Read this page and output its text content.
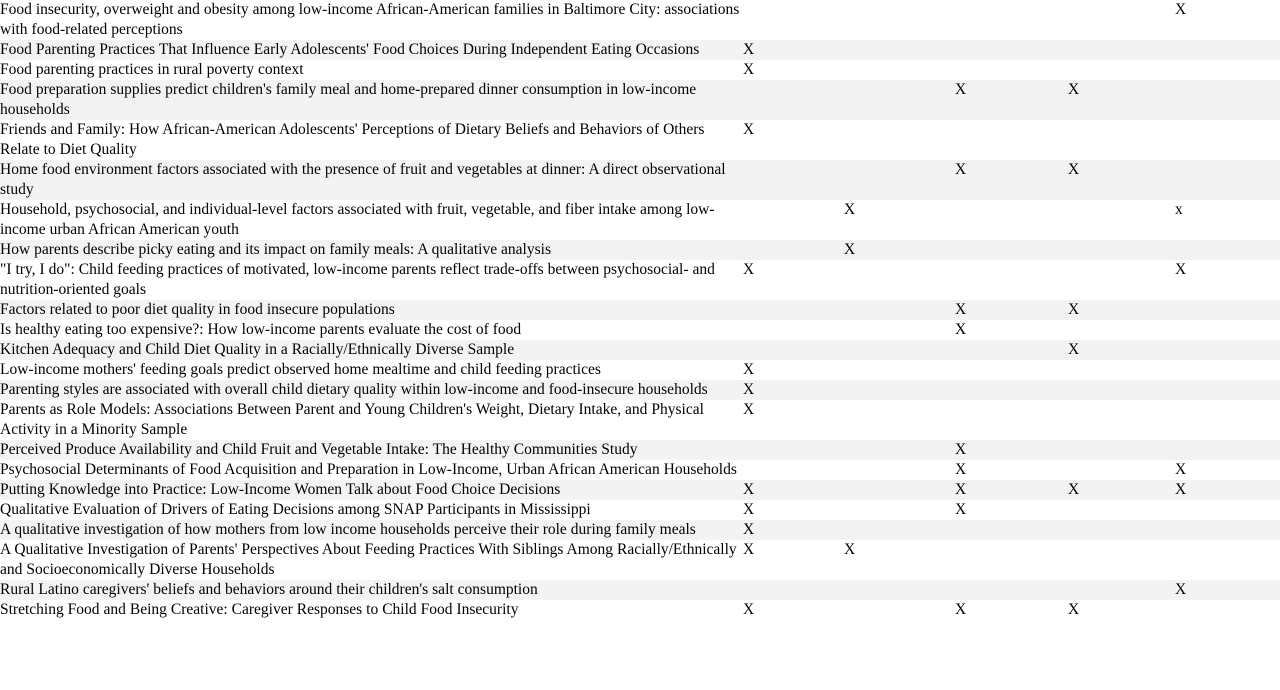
Food insecurity, overweight and obesity among low-income African-American families in Baltimore City: associations with food-related perceptions					X
Food Parenting Practices That Influence Early Adolescents' Food Choices During Independent Eating Occasions	X				
Food parenting practices in rural poverty context	X				
Food preparation supplies predict children's family meal and home-prepared dinner consumption in low-income households			X	X	
Friends and Family: How African-American Adolescents' Perceptions of Dietary Beliefs and Behaviors of Others Relate to Diet Quality	X				
Home food environment factors associated with the presence of fruit and vegetables at dinner: A direct observational study			X	X	
Household, psychosocial, and individual-level factors associated with fruit, vegetable, and fiber intake among low-income urban African American youth		X			x
How parents describe picky eating and its impact on family meals: A qualitative analysis		X			
"I try, I do": Child feeding practices of motivated, low-income parents reflect trade-offs between psychosocial- and nutrition-oriented goals	X				X
Factors related to poor diet quality in food insecure populations			X	X	
Is healthy eating too expensive?: How low-income parents evaluate the cost of food			X		
Kitchen Adequacy and Child Diet Quality in a Racially/Ethnically Diverse Sample				X	
Low-income mothers' feeding goals predict observed home mealtime and child feeding practices	X				
Parenting styles are associated with overall child dietary quality within low-income and food-insecure households	X				
Parents as Role Models: Associations Between Parent and Young Children's Weight, Dietary Intake, and Physical Activity in a Minority Sample	X				
Perceived Produce Availability and Child Fruit and Vegetable Intake: The Healthy Communities Study			X		
Psychosocial Determinants of Food Acquisition and Preparation in Low-Income, Urban African American Households			X		X
Putting Knowledge into Practice: Low-Income Women Talk about Food Choice Decisions	X		X	X	X
Qualitative Evaluation of Drivers of Eating Decisions among SNAP Participants in Mississippi	X		X		
A qualitative investigation of how mothers from low income households perceive their role during family meals	X				
A Qualitative Investigation of Parents' Perspectives About Feeding Practices With Siblings Among Racially/Ethnically and Socioeconomically Diverse Households	X	X			
Rural Latino caregivers' beliefs and behaviors around their children's salt consumption					X
Stretching Food and Being Creative: Caregiver Responses to Child Food Insecurity	X		X	X	
